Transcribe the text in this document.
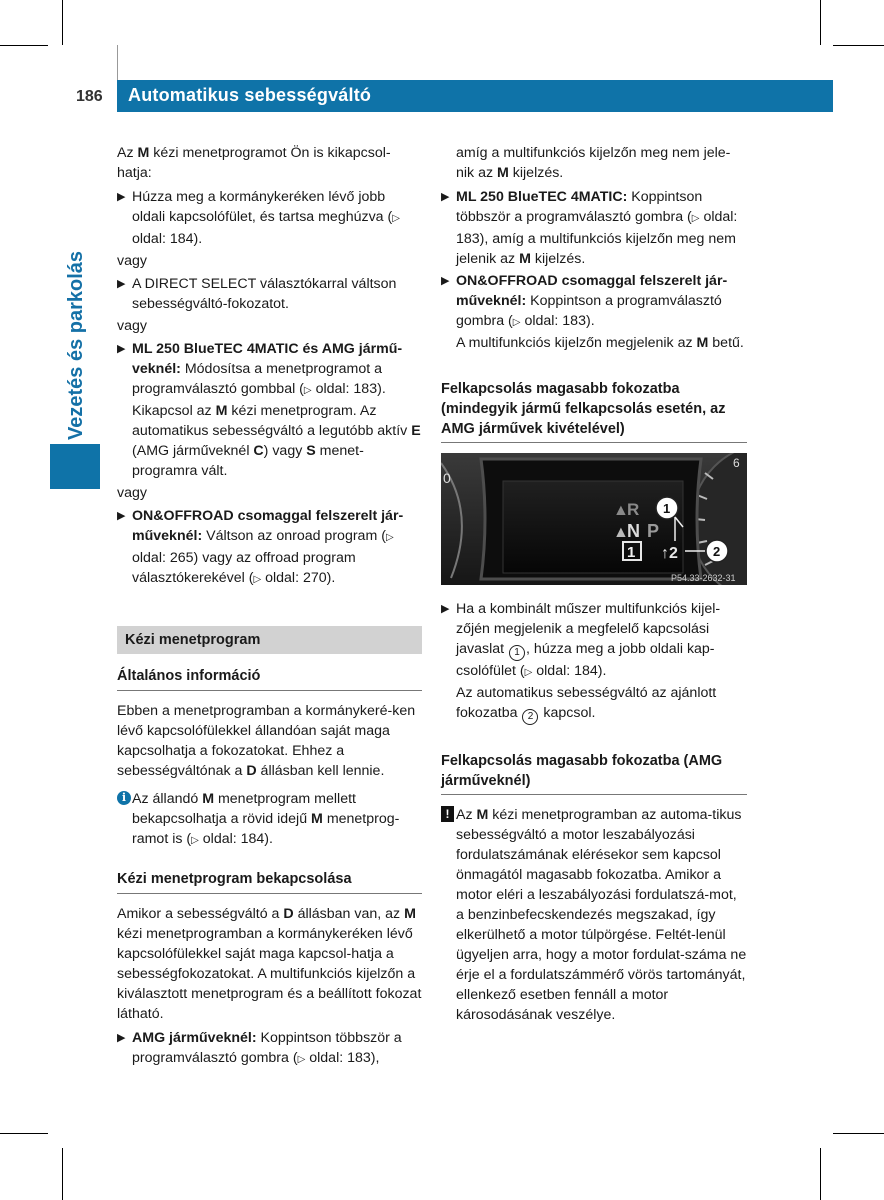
186 Automatikus sebességváltó
Vezetés és parkolás

Az M kézi menetprogramot Ön is kikapcsol-hatja:

▶ Húzza meg a kormánykeréken lévő jobb oldali kapcsolófület, és tartsa meghúzva (▷ oldal: 184).

vagy

▶ A DIRECT SELECT választókarral váltson sebességváltó-fokozatot.

vagy

▶ ML 250 BlueTEC 4MATIC és AMG jármű-veknél: Módosítsa a menetprogramot a programválasztó gombbal (▷ oldal: 183). Kikapcsol az M kézi menetprogram. Az automatikus sebességváltó a legutóbb aktív E (AMG járműveknél C) vagy S menet-programra vált.

vagy

▶ ON&OFFROAD csomaggal felszerelt jár-műveknél: Váltson az onroad program (▷ oldal: 265) vagy az offroad program választókerekével (▷ oldal: 270).
Kézi menetprogram
Általános információ

Ebben a menetprogramban a kormánykeré-ken lévő kapcsolófülekkel állandóan saját maga kapcsolhatja a fokozatokat. Ehhez a sebességváltónak a D állásban kell lennie.

i Az állandó M menetprogram mellett bekapcsolhatja a rövid idejű M menetprog-ramot is (▷ oldal: 184).
Kézi menetprogram bekapcsolása

Amikor a sebességváltó a D állásban van, az M kézi menetprogramban a kormánykeréken lévő kapcsolófülekkel saját maga kapcsol-hatja a sebességfokozatokat. A multifunkciós kijelzőn a kiválasztott menetprogram és a beállított fokozat látható.

▶ AMG járműveknél: Koppintson többször a programválasztó gombra (▷ oldal: 183),

amíg a multifunkciós kijelzőn meg nem jele-nik az M kijelzés.

▶ ML 250 BlueTEC 4MATIC: Koppintson többször a programválasztó gombra (▷ oldal: 183), amíg a multifunkciós kijelzőn meg nem jelenik az M kijelzés.
▶ ON&OFFROAD csomaggal felszerelt jár-műveknél: Koppintson a programválasztó gombra (▷ oldal: 183).
A multifunkciós kijelzőn megjelenik az M betű.
Felkapcsolás magasabb fokozatba (mindegyik jármű felkapcsolás esetén, az AMG járművek kivételével)
0
6
▲
R
▲
N P
1 ↑2
1
2
P54.33-2632-31
▶ Ha a kombinált műszer multifunkciós kijel-zőjén megjelenik a megfelelő kapcsolási javaslat 1 , húzza meg a jobb oldali kap-csolófület (▷ oldal: 184).
Az automatikus sebességváltó az ajánlott fokozatba 2 kapcsol.
Felkapcsolás magasabb fokozatba (AMG járműveknél)
! Az M kézi menetprogramban az automa-tikus sebességváltó a motor leszabályozási fordulatszámának elérésekor sem kapcsol önmagától magasabb fokozatba. Amikor a motor eléri a leszabályozási fordulatszá-mot, a benzinbefecskendezés megszakad, így elkerülhető a motor túlpörgése. Feltét-lenül ügyeljen arra, hogy a motor fordulat-száma ne érje el a fordulatszámmérő vörös tartományát, ellenkező esetben fennáll a motor károsodásának veszélye.
